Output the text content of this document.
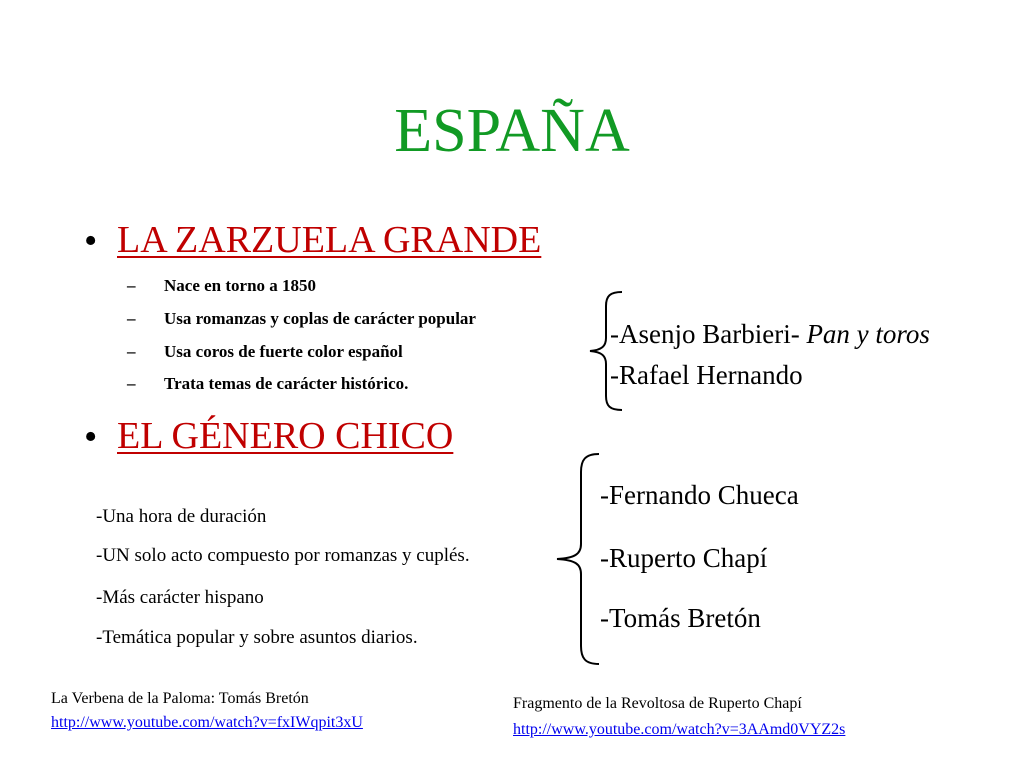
ESPAÑA
• LA ZARZUELA GRANDE
– Nace en torno a 1850
– Usa romanzas y coplas de carácter popular
– Usa coros de fuerte color español
– Trata temas de carácter histórico.
-Asenjo Barbieri- Pan y toros
-Rafael Hernando
• EL GÉNERO CHICO
-Una hora de duración
-UN solo acto compuesto por romanzas y cuplés.
-Más carácter hispano
-Temática popular y sobre asuntos diarios.
-Fernando Chueca
-Ruperto Chapí
-Tomás Bretón
La Verbena de la Paloma: Tomás Bretón
http://www.youtube.com/watch?v=fxIWqpit3xU
Fragmento de la Revoltosa de Ruperto Chapí
http://www.youtube.com/watch?v=3AAmd0VYZ2s
